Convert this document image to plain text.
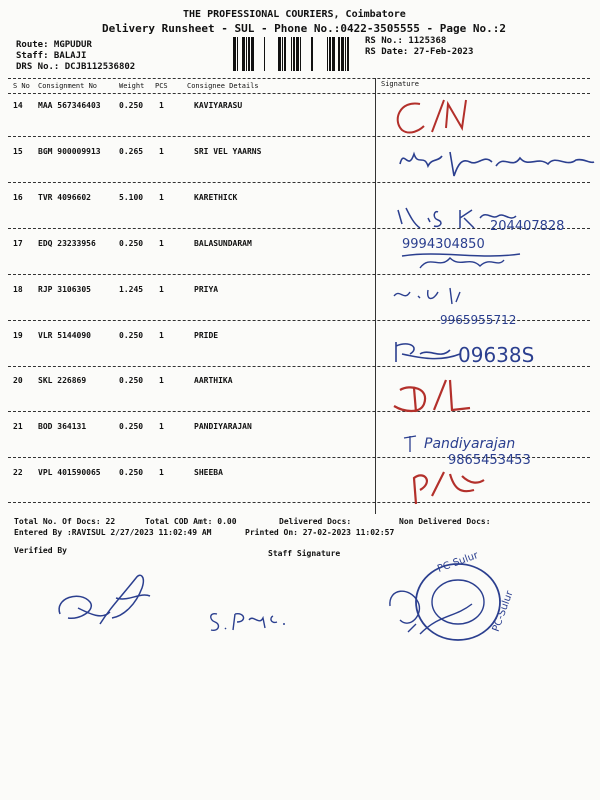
THE PROFESSIONAL COURIERS, Coimbatore
Delivery Runsheet - SUL - Phone No.:0422-3505555 - Page No.:2
Route: MGPUDUR
Staff: BALAJI
DRS No.: DCJB112536802
RS No.: 1125368
RS Date: 27-Feb-2023
S No Consignment No	Weight PCS	Consignee Details	Signature
14 MAA 567346403 0.250 1	KAVIYARASU
15 BGM 900009913 0.265 1	SRI VEL YAARNS
16 TVR 4096602	5.100 1	KARETHICK
17 EDQ 23233956	0.250 1	BALASUNDARAM
18 RJP 3106305	1.245 1	PRIYA
19 VLR 5144090	0.250 1	PRIDE
20 SKL 226869	0.250 1	AARTHIKA
21 BOD 364131	0.250 1	PANDIYARAJAN
22 VPL 401590065 0.250 1	SHEEBA
204407828
9994304850
9965955712
09638S
Pandiyarajan
9865453453
Total No. Of Docs: 22	Total COD Amt: 0.00	Delivered Docs:	Non Delivered Docs:
Entered By :RAVISUL 2/27/2023 11:02:49 AM	Printed On: 27-02-2023 11:02:57
Verified By	Staff Signature	PC-Sulur
PC-Sulur
